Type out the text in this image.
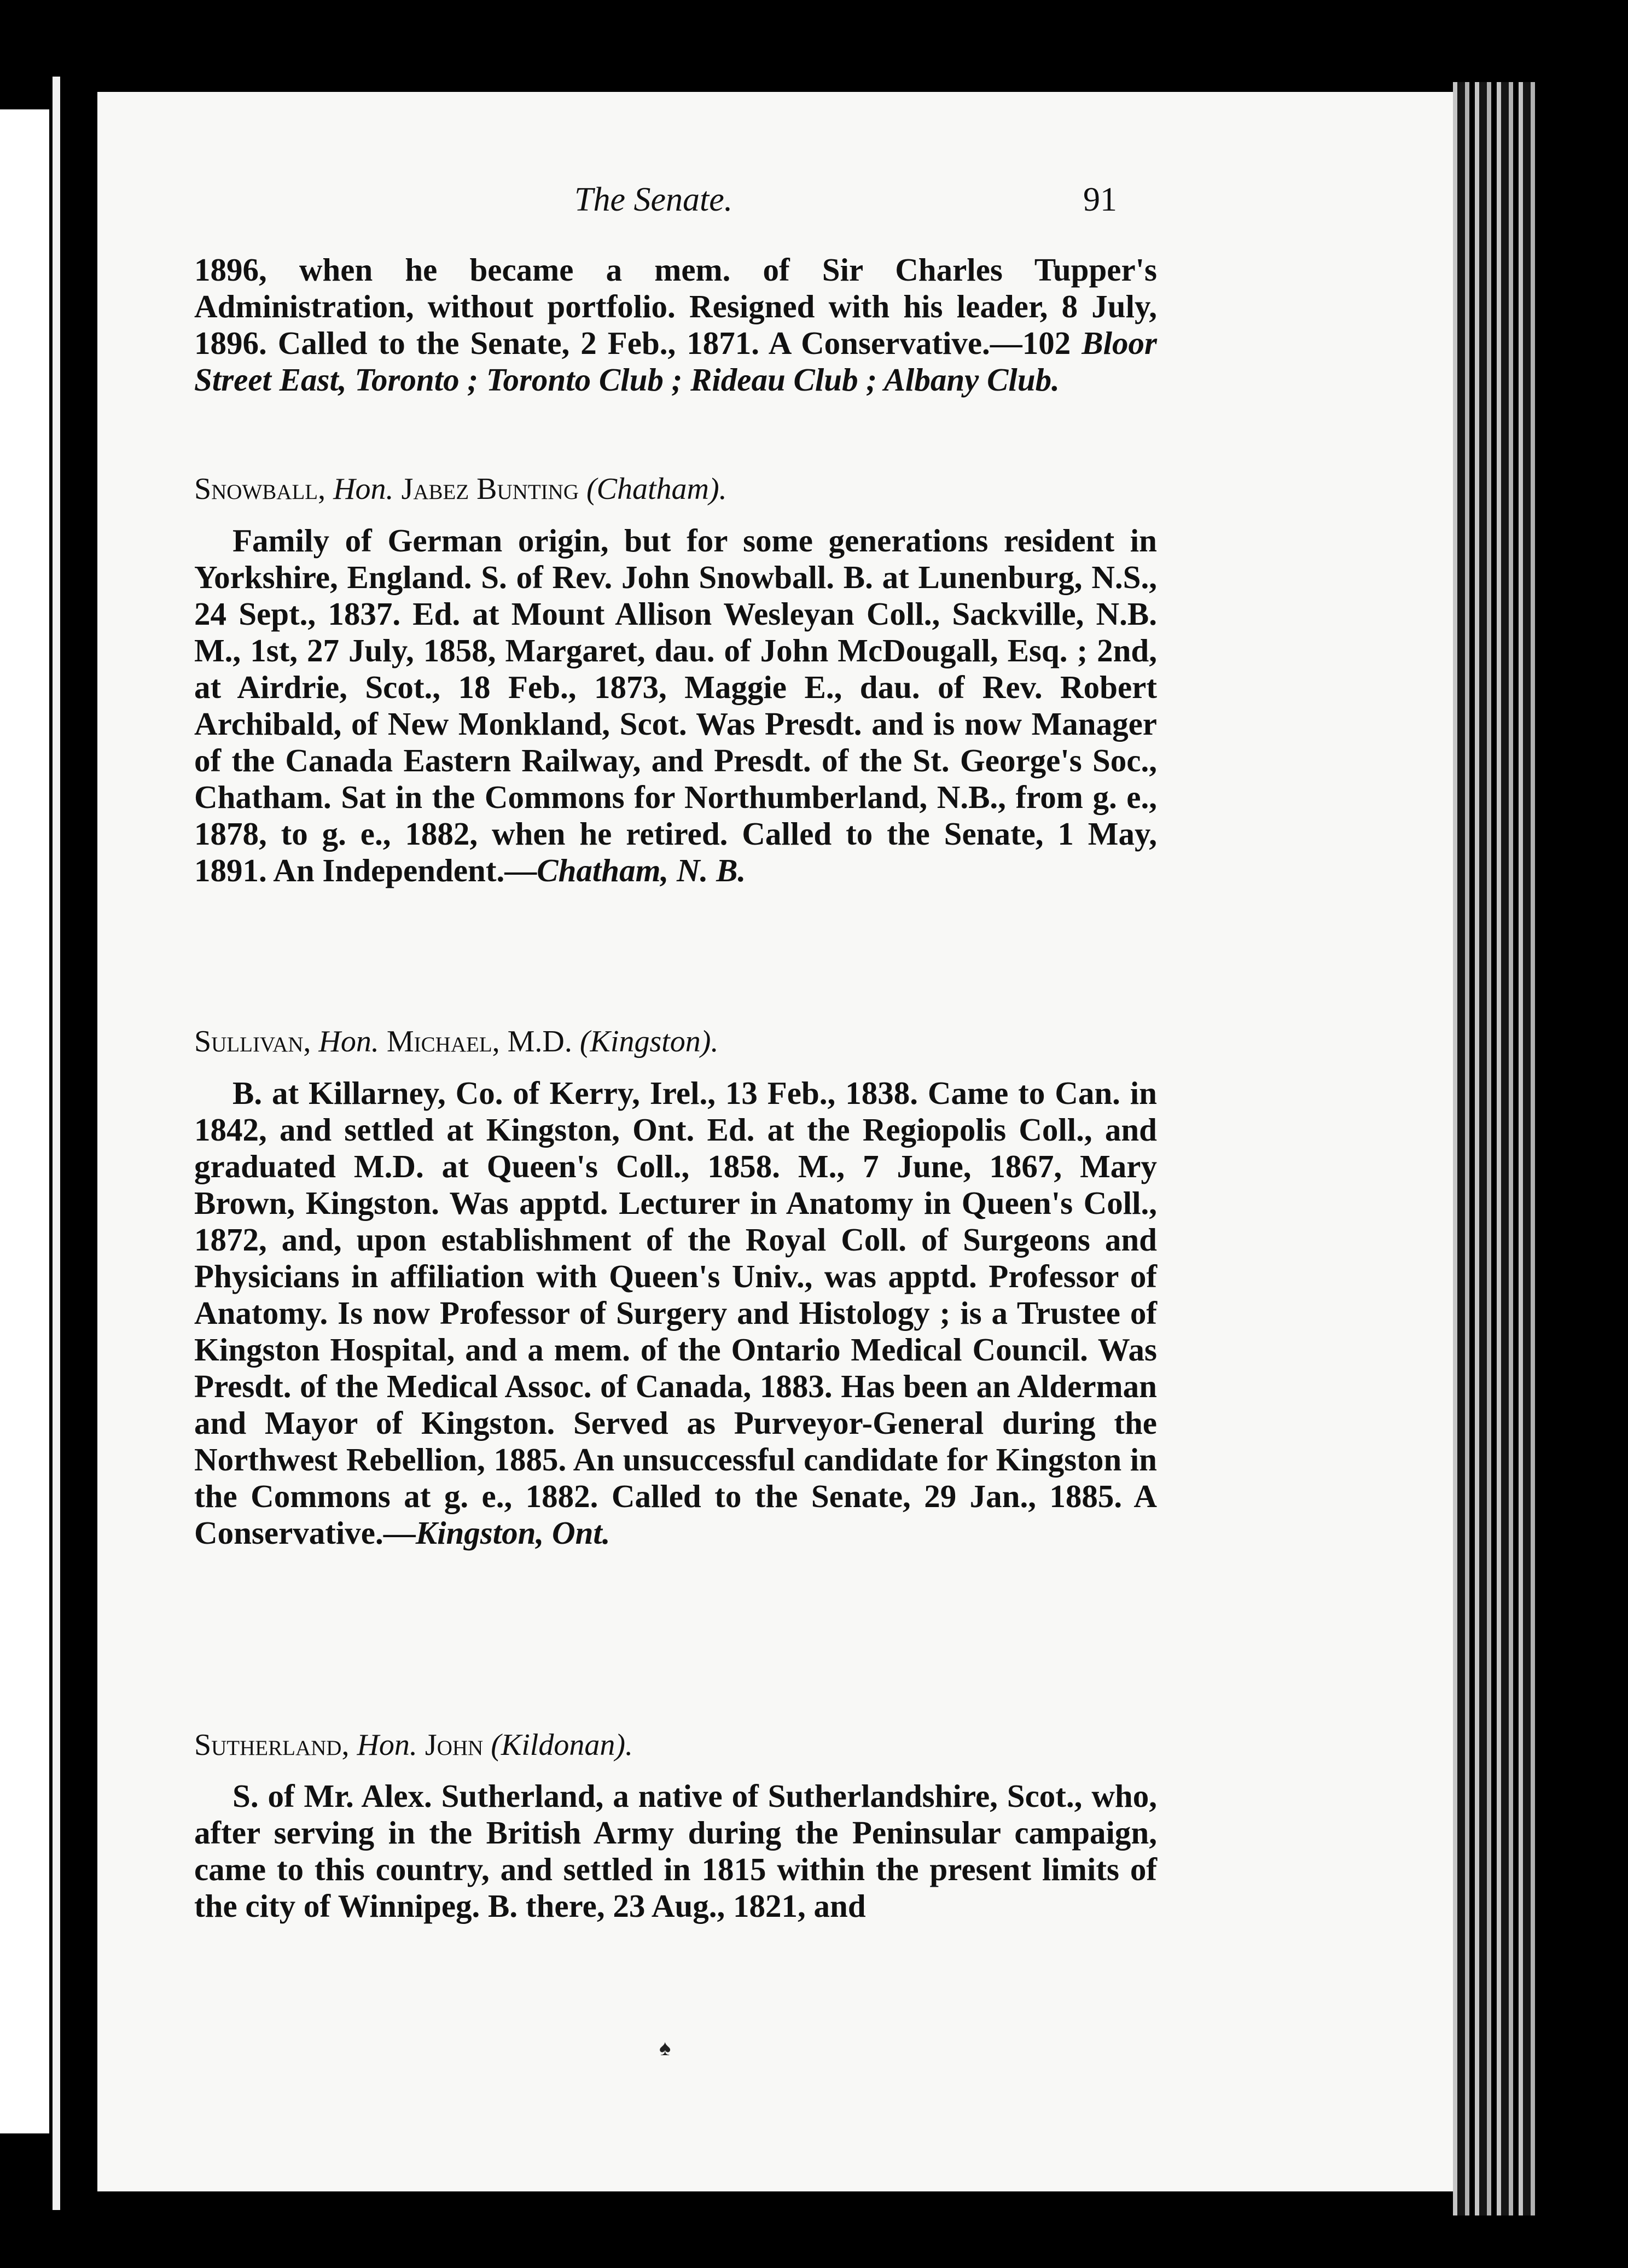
The Senate.	91
1896, when he became a mem. of Sir Charles Tupper's Administration, without portfolio. Resigned with his leader, 8 July, 1896. Called to the Senate, 2 Feb., 1871. A Conservative.—102 Bloor Street East, Toronto ; Toronto Club ; Rideau Club ; Albany Club.
Snowball, Hon. Jabez Bunting (Chatham).
Family of German origin, but for some generations resident in Yorkshire, England. S. of Rev. John Snowball. B. at Lunenburg, N.S., 24 Sept., 1837. Ed. at Mount Allison Wesleyan Coll., Sackville, N.B. M., 1st, 27 July, 1858, Margaret, dau. of John McDougall, Esq. ; 2nd, at Airdrie, Scot., 18 Feb., 1873, Maggie E., dau. of Rev. Robert Archibald, of New Monkland, Scot. Was Presdt. and is now Manager of the Canada Eastern Railway, and Presdt. of the St. George's Soc., Chatham. Sat in the Commons for Northumberland, N.B., from g. e., 1878, to g. e., 1882, when he retired. Called to the Senate, 1 May, 1891. An Independent.—Chatham, N. B.
Sullivan, Hon. Michael, M.D. (Kingston).
B. at Killarney, Co. of Kerry, Irel., 13 Feb., 1838. Came to Can. in 1842, and settled at Kingston, Ont. Ed. at the Regiopolis Coll., and graduated M.D. at Queen's Coll., 1858. M., 7 June, 1867, Mary Brown, Kingston. Was apptd. Lecturer in Anatomy in Queen's Coll., 1872, and, upon establishment of the Royal Coll. of Surgeons and Physicians in affiliation with Queen's Univ., was apptd. Professor of Anatomy. Is now Professor of Surgery and Histology ; is a Trustee of Kingston Hospital, and a mem. of the Ontario Medical Council. Was Presdt. of the Medical Assoc. of Canada, 1883. Has been an Alderman and Mayor of Kingston. Served as Purveyor-General during the Northwest Rebellion, 1885. An unsuccessful candidate for Kingston in the Commons at g. e., 1882. Called to the Senate, 29 Jan., 1885. A Conservative.—Kingston, Ont.
Sutherland, Hon. John (Kildonan).
S. of Mr. Alex. Sutherland, a native of Sutherlandshire, Scot., who, after serving in the British Army during the Peninsular campaign, came to this country, and settled in 1815 within the present limits of the city of Winnipeg. B. there, 23 Aug., 1821, and
♠
